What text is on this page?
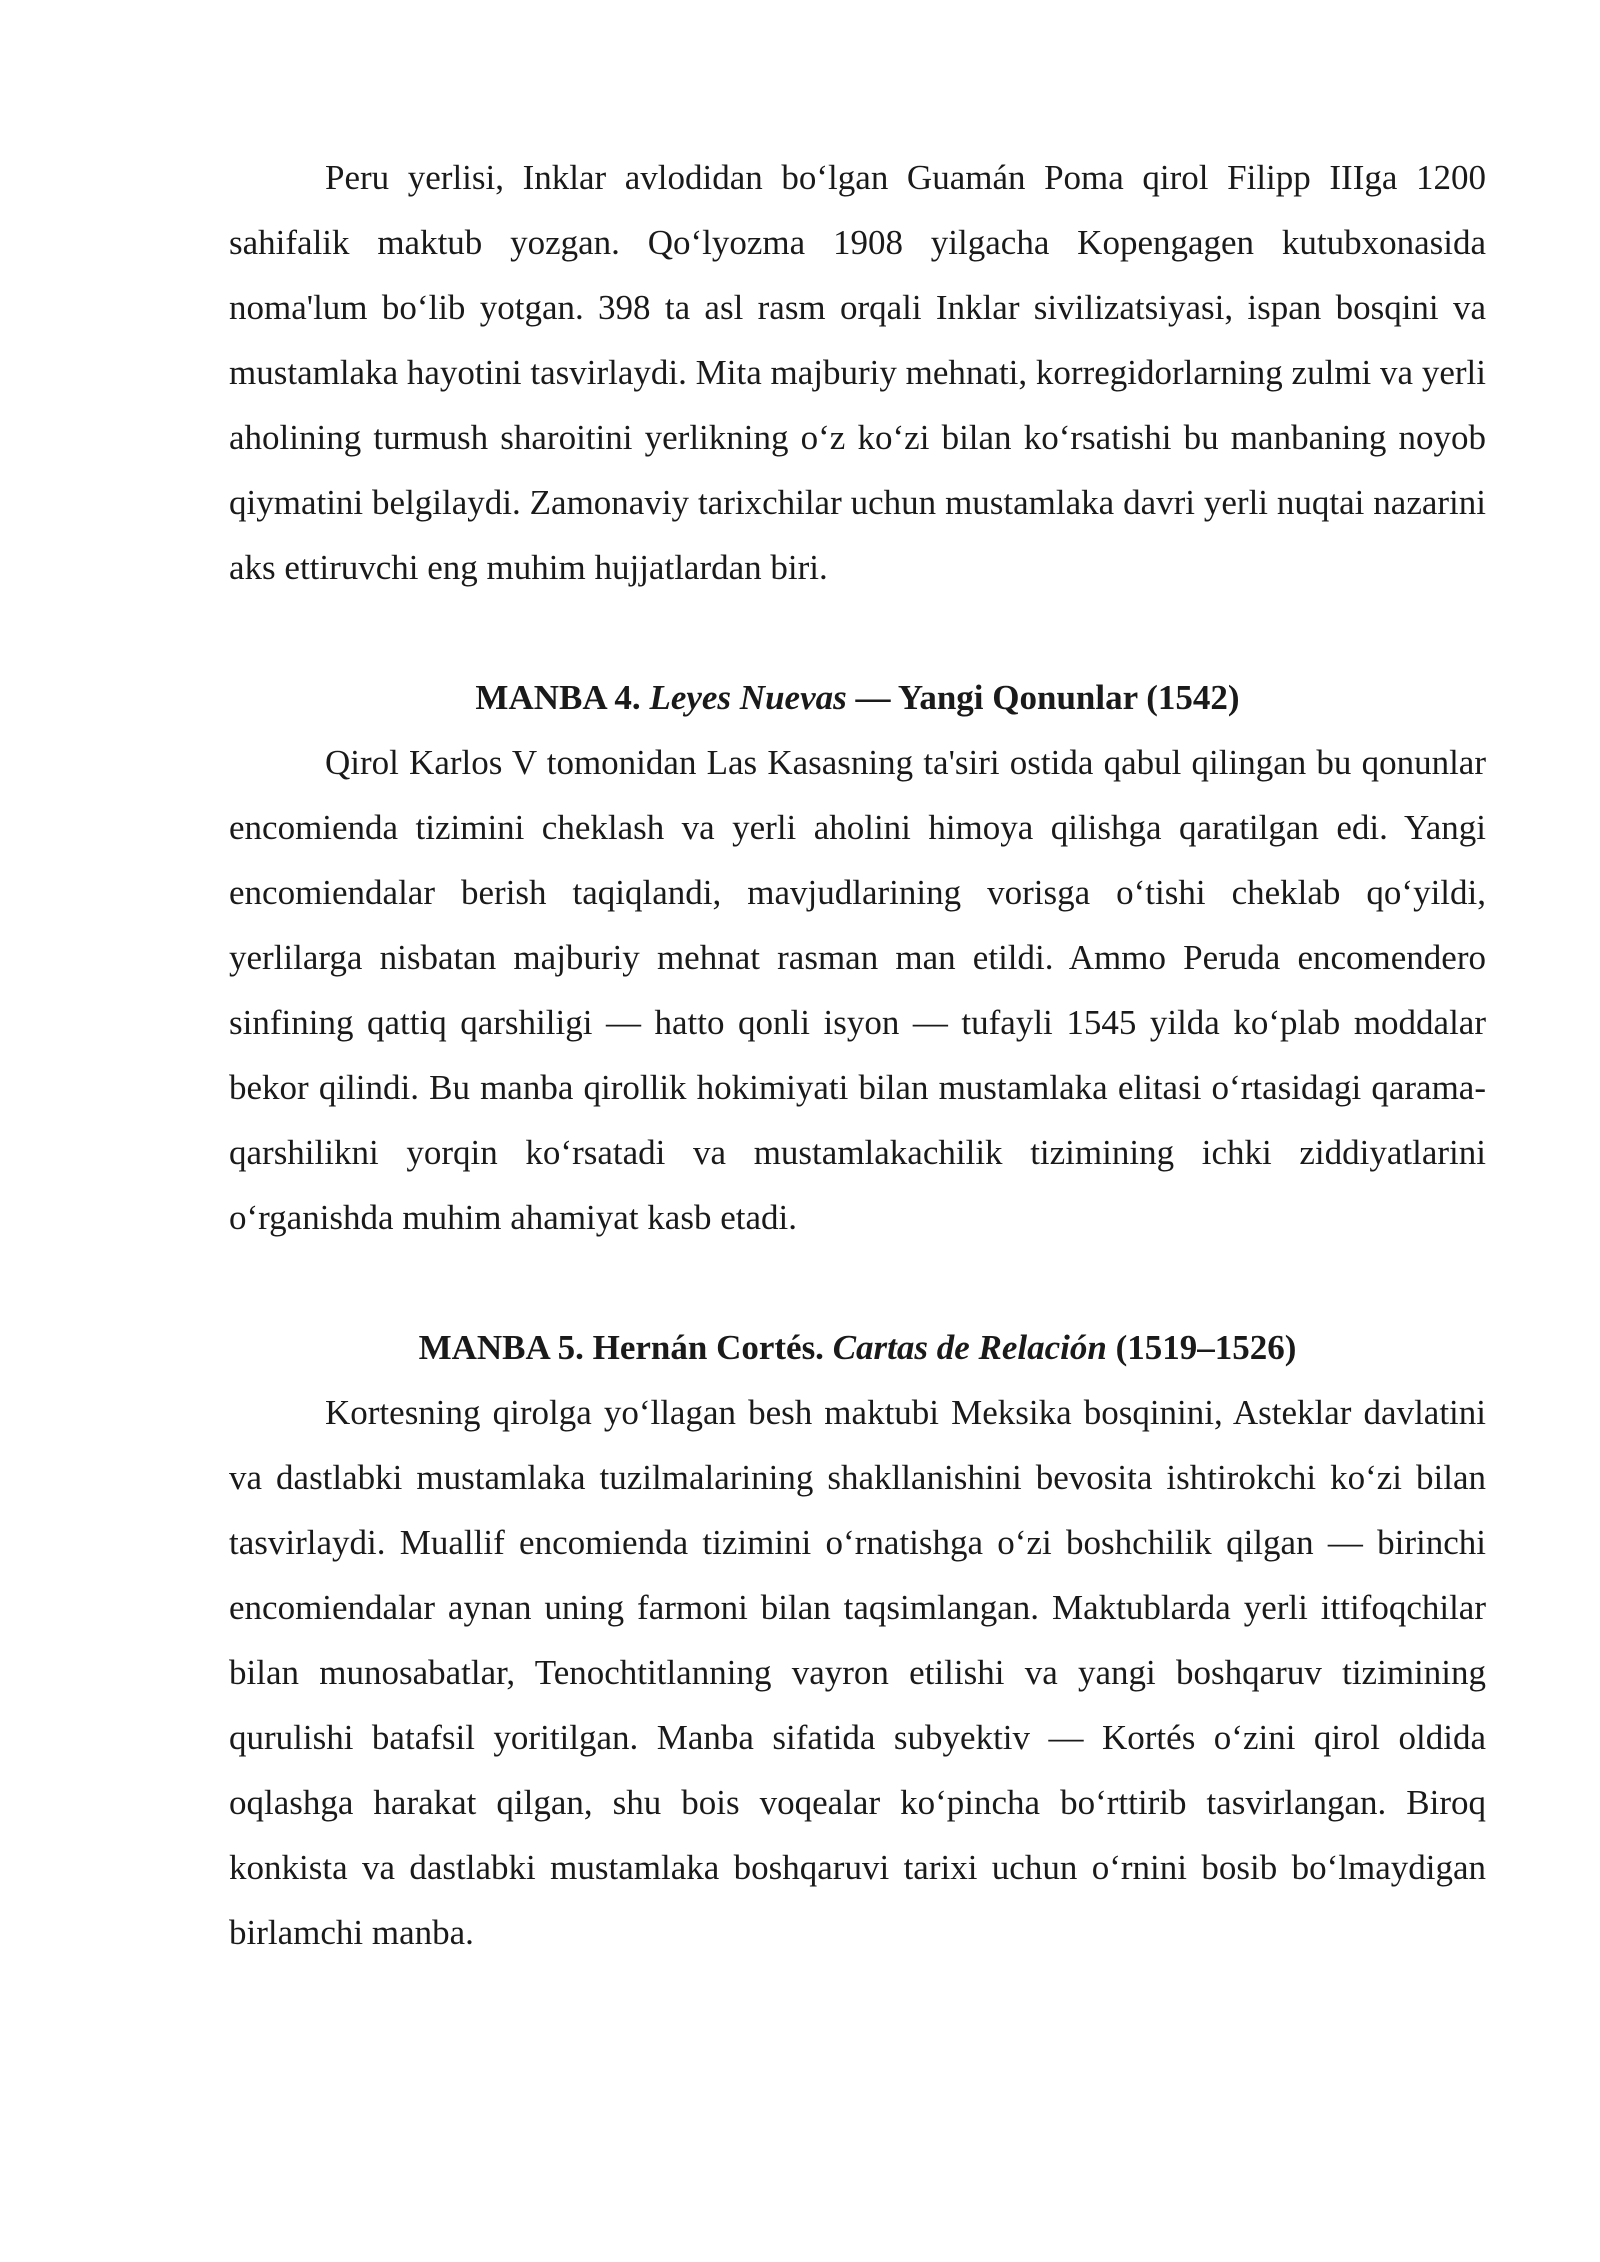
Peru yerlisi, Inklar avlodidan bo‘lgan Guamán Poma qirol Filipp IIIga 1200 sahifalik maktub yozgan. Qo‘lyozma 1908 yilgacha Kopengagen kutubxonasida noma'lum bo‘lib yotgan. 398 ta asl rasm orqali Inklar sivilizatsiyasi, ispan bosqini va mustamlaka hayotini tasvirlaydi. Mita majburiy mehnati, korregidorlarning zulmi va yerli aholining turmush sharoitini yerlikning o‘z ko‘zi bilan ko‘rsatishi bu manbaning noyob qiymatini belgilaydi. Zamonaviy tarixchilar uchun mustamlaka davri yerli nuqtai nazarini aks ettiruvchi eng muhim hujjatlardan biri.

MANBA 4. Leyes Nuevas — Yangi Qonunlar (1542)

Qirol Karlos V tomonidan Las Kasasning ta'siri ostida qabul qilingan bu qonunlar encomienda tizimini cheklash va yerli aholini himoya qilishga qaratilgan edi. Yangi encomiendalar berish taqiqlandi, mavjudlarining vorisga o‘tishi cheklab qo‘yildi, yerlilarga nisbatan majburiy mehnat rasman man etildi. Ammo Peruda encomendero sinfining qattiq qarshiligi — hatto qonli isyon — tufayli 1545 yilda ko‘plab moddalar bekor qilindi. Bu manba qirollik hokimiyati bilan mustamlaka elitasi o‘rtasidagi qarama-qarshilikni yorqin ko‘rsatadi va mustamlakachilik tizimining ichki ziddiyatlarini o‘rganishda muhim ahamiyat kasb etadi.

MANBA 5. Hernán Cortés. Cartas de Relación (1519–1526)

Kortesning qirolga yo‘llagan besh maktubi Meksika bosqinini, Asteklar davlatini va dastlabki mustamlaka tuzilmalarining shakllanishini bevosita ishtirokchi ko‘zi bilan tasvirlaydi. Muallif encomienda tizimini o‘rnatishga o‘zi boshchilik qilgan — birinchi encomiendalar aynan uning farmoni bilan taqsimlangan. Maktublarda yerli ittifoqchilar bilan munosabatlar, Tenochtitlanning vayron etilishi va yangi boshqaruv tizimining qurulishi batafsil yoritilgan. Manba sifatida subyektiv — Kortés o‘zini qirol oldida oqlashga harakat qilgan, shu bois voqealar ko‘pincha bo‘rttirib tasvirlangan. Biroq konkista va dastlabki mustamlaka boshqaruvi tarixi uchun o‘rnini bosib bo‘lmaydigan birlamchi manba.
